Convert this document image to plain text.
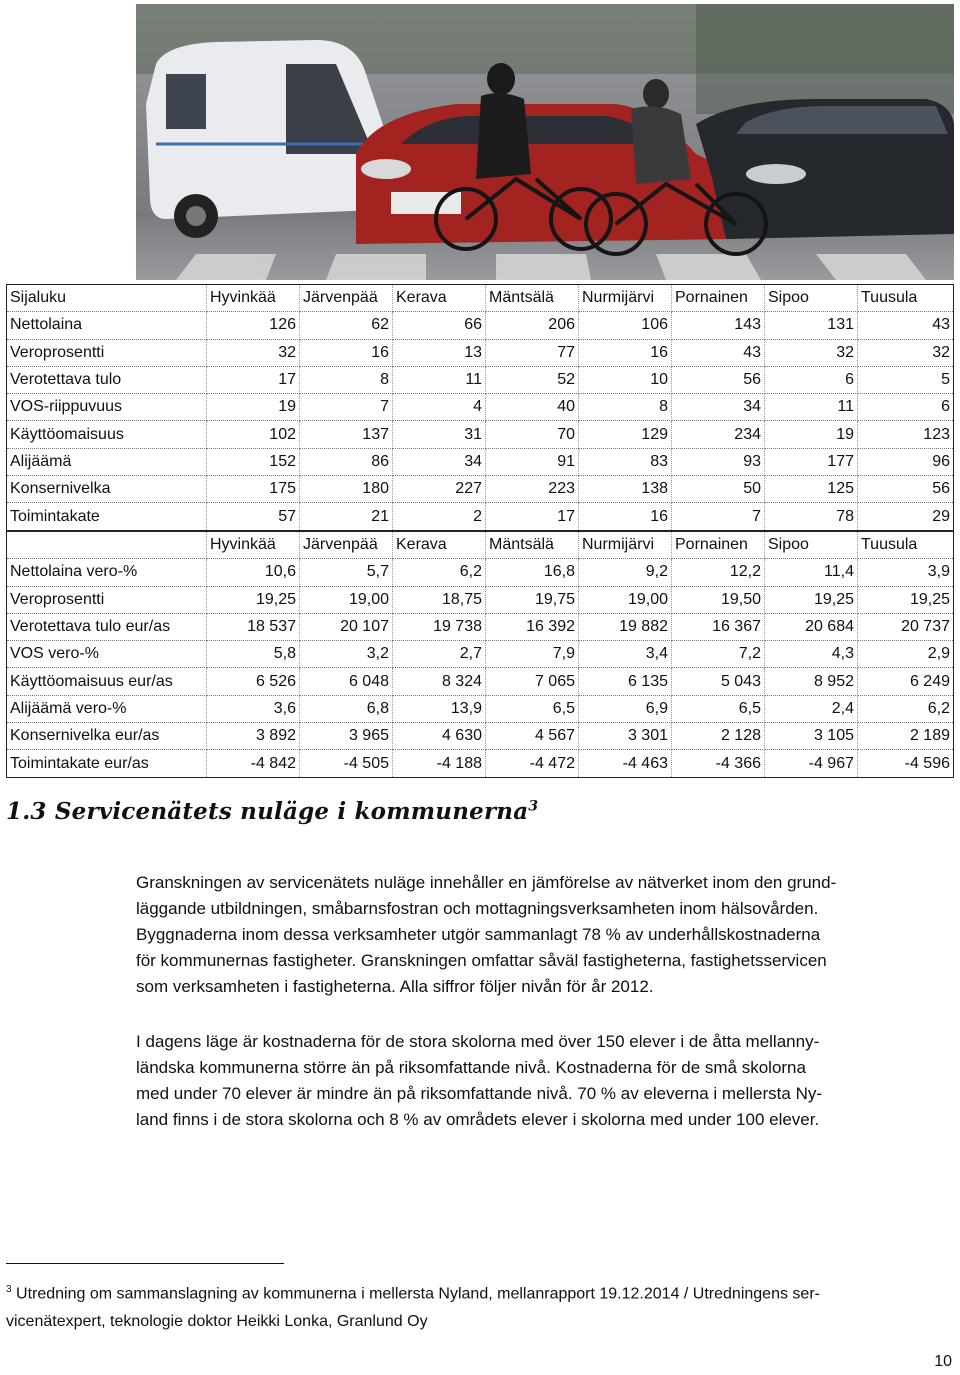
Sijaluku	Hyvinkää	Järvenpää	Kerava	Mäntsälä	Nurmijärvi	Pornainen	Sipoo	Tuusula
Nettolaina	126	62	66	206	106	143	131	43
Veroprosentti	32	16	13	77	16	43	32	32
Verotettava tulo	17	8	11	52	10	56	6	5
VOS-riippuvuus	19	7	4	40	8	34	11	6
Käyttöomaisuus	102	137	31	70	129	234	19	123
Alijäämä	152	86	34	91	83	93	177	96
Konsernivelka	175	180	227	223	138	50	125	56
Toimintakate	57	21	2	17	16	7	78	29
	Hyvinkää	Järvenpää	Kerava	Mäntsälä	Nurmijärvi	Pornainen	Sipoo	Tuusula
Nettolaina vero-%	10,6	5,7	6,2	16,8	9,2	12,2	11,4	3,9
Veroprosentti	19,25	19,00	18,75	19,75	19,00	19,50	19,25	19,25
Verotettava tulo eur/as	18 537	20 107	19 738	16 392	19 882	16 367	20 684	20 737
VOS vero-%	5,8	3,2	2,7	7,9	3,4	7,2	4,3	2,9
Käyttöomaisuus eur/as	6 526	6 048	8 324	7 065	6 135	5 043	8 952	6 249
Alijäämä vero-%	3,6	6,8	13,9	6,5	6,9	6,5	2,4	6,2
Konsernivelka eur/as	3 892	3 965	4 630	4 567	3 301	2 128	3 105	2 189
Toimintakate eur/as	-4 842	-4 505	-4 188	-4 472	-4 463	-4 366	-4 967	-4 596
1.3 Servicenätets nuläge i kommunerna$^3$

Granskningen av servicenätets nuläge innehåller en jämförelse av nätverket inom den grund-
läggande utbildningen, småbarnsfostran och mottagningsverksamheten inom hälsovården.
Byggnaderna inom dessa verksamheter utgör sammanlagt 78 % av underhållskostnaderna
för kommunernas fastigheter. Granskningen omfattar såväl fastigheterna, fastighetsservicen
som verksamheten i fastigheterna. Alla siffror följer nivån för år 2012.

I dagens läge är kostnaderna för de stora skolorna med över 150 elever i de åtta mellanny-
ländska kommunerna större än på riksomfattande nivå. Kostnaderna för de små skolorna
med under 70 elever är mindre än på riksomfattande nivå. 70 % av eleverna i mellersta Ny-
land finns i de stora skolorna och 8 % av områdets elever i skolorna med under 100 elever.

$^3$ Utredning om sammanslagning av kommunerna i mellersta Nyland, mellanrapport 19.12.2014 / Utredningens ser-
vicenätexpert, teknologie doktor Heikki Lonka, Granlund Oy

10
